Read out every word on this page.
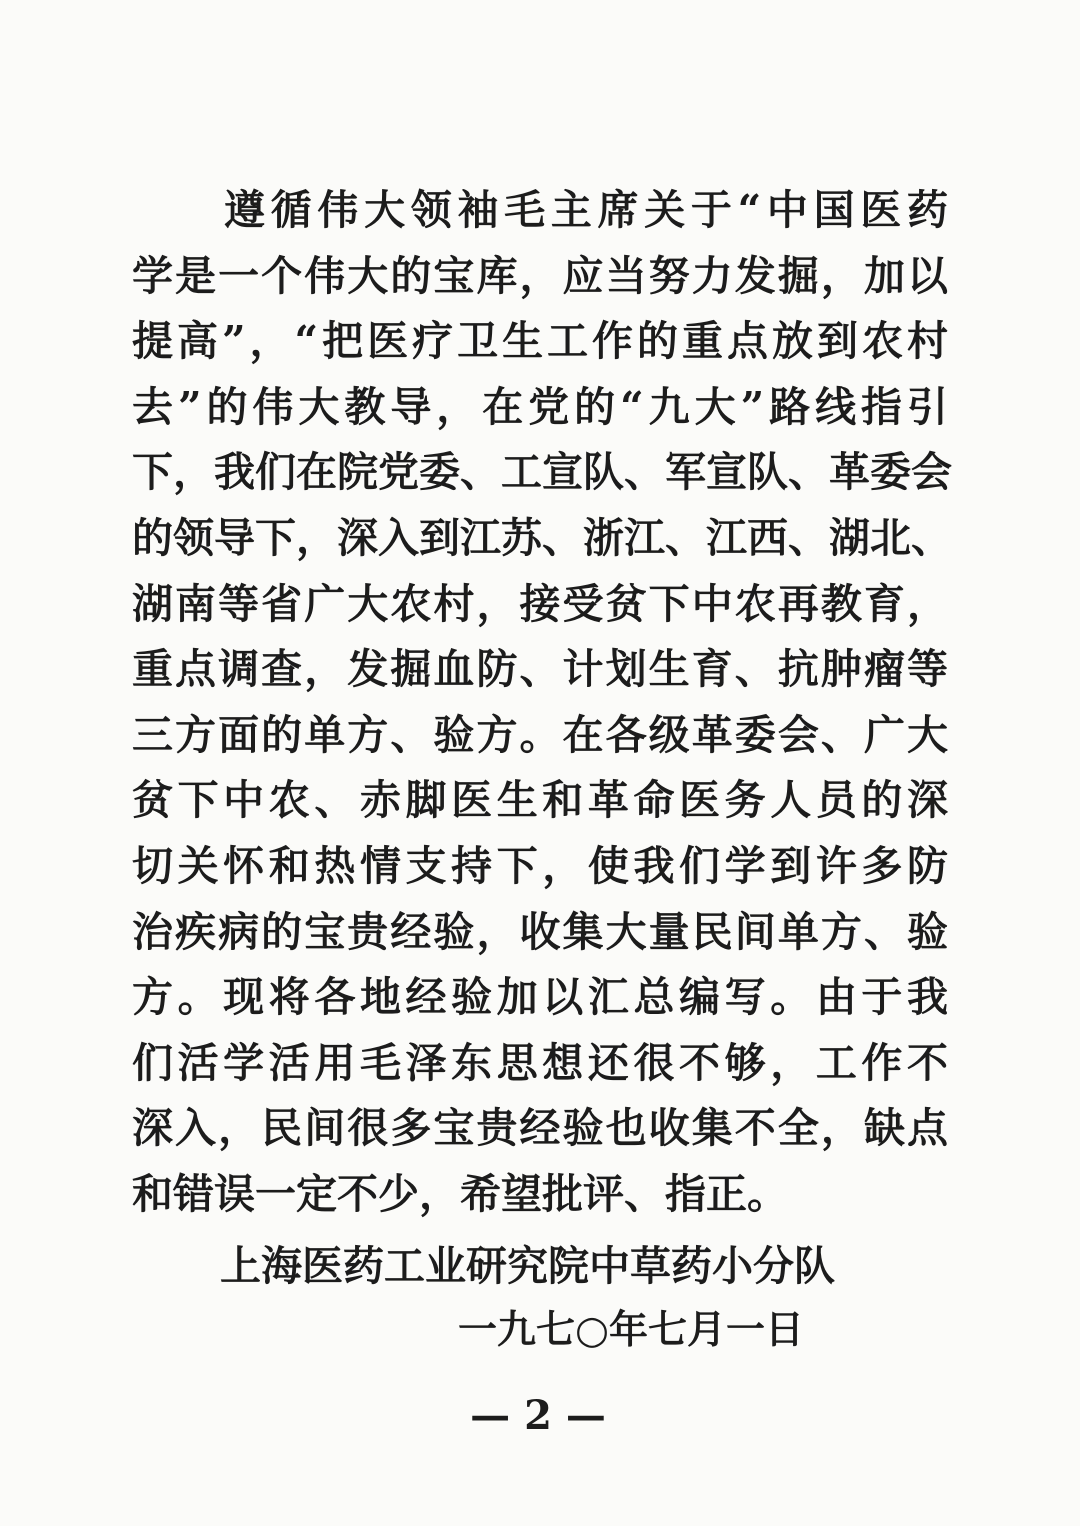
遵循伟大领袖毛主席关于“中国医药
学是一个伟大的宝库，应当努力发掘，加以
提高”，“把医疗卫生工作的重点放到农村
去”的伟大教导，在党的“九大”路线指引
下，我们在院党委、工宣队、军宣队、革委会
的领导下，深入到江苏、浙江、江西、湖北、
湖南等省广大农村，接受贫下中农再教育，
重点调查，发掘血防、计划生育、抗肿瘤等
三方面的单方、验方。在各级革委会、广大
贫下中农、赤脚医生和革命医务人员的深
切关怀和热情支持下，使我们学到许多防
治疾病的宝贵经验，收集大量民间单方、验
方。现将各地经验加以汇总编写。由于我
们活学活用毛泽东思想还很不够，工作不
深入，民间很多宝贵经验也收集不全，缺点
和错误一定不少，希望批评、指正。
上海医药工业研究院中草药小分队
一九七○年七月一日
— 2 —
